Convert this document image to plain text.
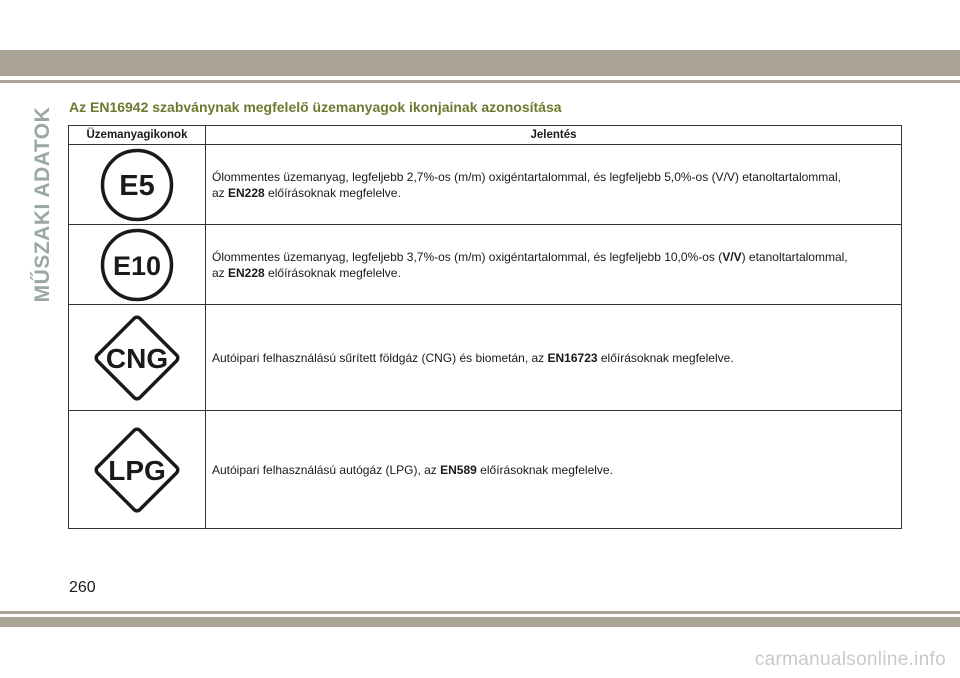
MŰSZAKI ADATOK	Az EN16942 szabványnak megfelelő üzemanyagok ikonjainak azonosítása
Üzemanyagikonok	Jelentés

E5	Ólommentes üzemanyag, legfeljebb 2,7%-os (m/m) oxigéntartalommal, és legfeljebb 5,0%-os (V/V) etanoltartalommal,
az EN228 előírásoknak megfelelve.

E10	Ólommentes üzemanyag, legfeljebb 3,7%-os (m/m) oxigéntartalommal, és legfeljebb 10,0%-os (V/V) etanoltartalommal,
az EN228 előírásoknak megfelelve.

CNG	Autóipari felhasználású sűrített földgáz (CNG) és biometán, az EN16723 előírásoknak megfelelve.

LPG	Autóipari felhasználású autógáz (LPG), az EN589 előírásoknak megfelelve.
260
carmanualsonline.info
